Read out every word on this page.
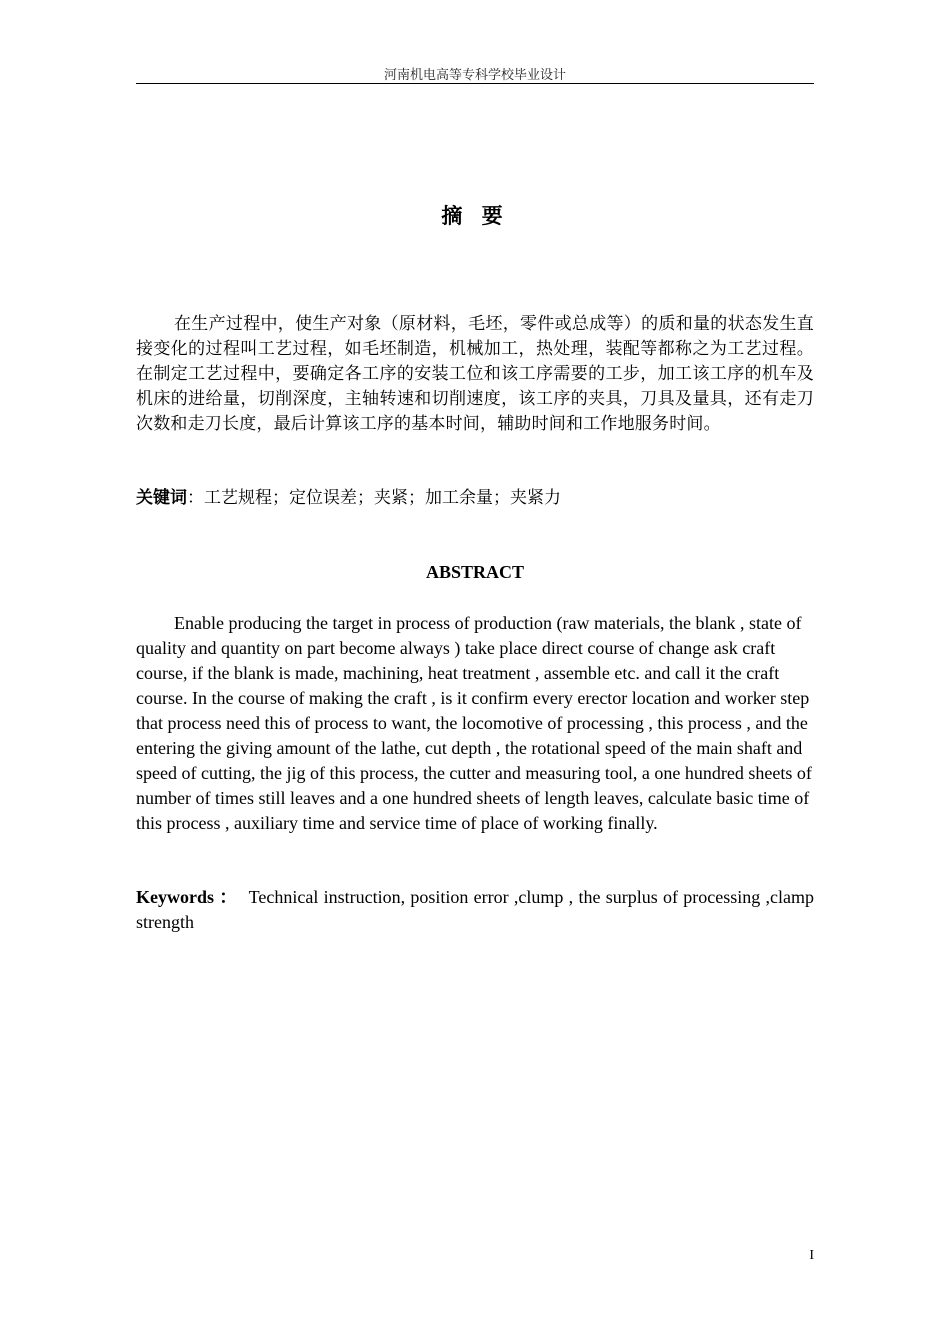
河南机电高等专科学校毕业设计
摘 要
在生产过程中，使生产对象（原材料，毛坯，零件或总成等）的质和量的状态发生直接变化的过程叫工艺过程，如毛坯制造，机械加工，热处理，装配等都称之为工艺过程。在制定工艺过程中，要确定各工序的安装工位和该工序需要的工步，加工该工序的机车及机床的进给量，切削深度，主轴转速和切削速度，该工序的夹具，刀具及量具，还有走刀次数和走刀长度，最后计算该工序的基本时间，辅助时间和工作地服务时间。
关键词：工艺规程；定位误差；夹紧；加工余量；夹紧力
ABSTRACT
Enable producing the target in process of production (raw materials, the blank , state of quality and quantity on part become always ) take place direct course of change ask craft course, if the blank is made, machining, heat treatment , assemble etc. and call it the craft course. In the course of making the craft , is it confirm every erector location and worker step that process need this of process to want, the locomotive of processing , this process , and the entering the giving amount of the lathe, cut depth , the rotational speed of the main shaft and speed of cutting, the jig of this process, the cutter and measuring tool, a one hundred sheets of number of times still leaves and a one hundred sheets of length leaves, calculate basic time of this process , auxiliary time and service time of place of working finally.
Keywords ： Technical instruction, position error ,clump , the surplus of processing ,clamp strength
I
